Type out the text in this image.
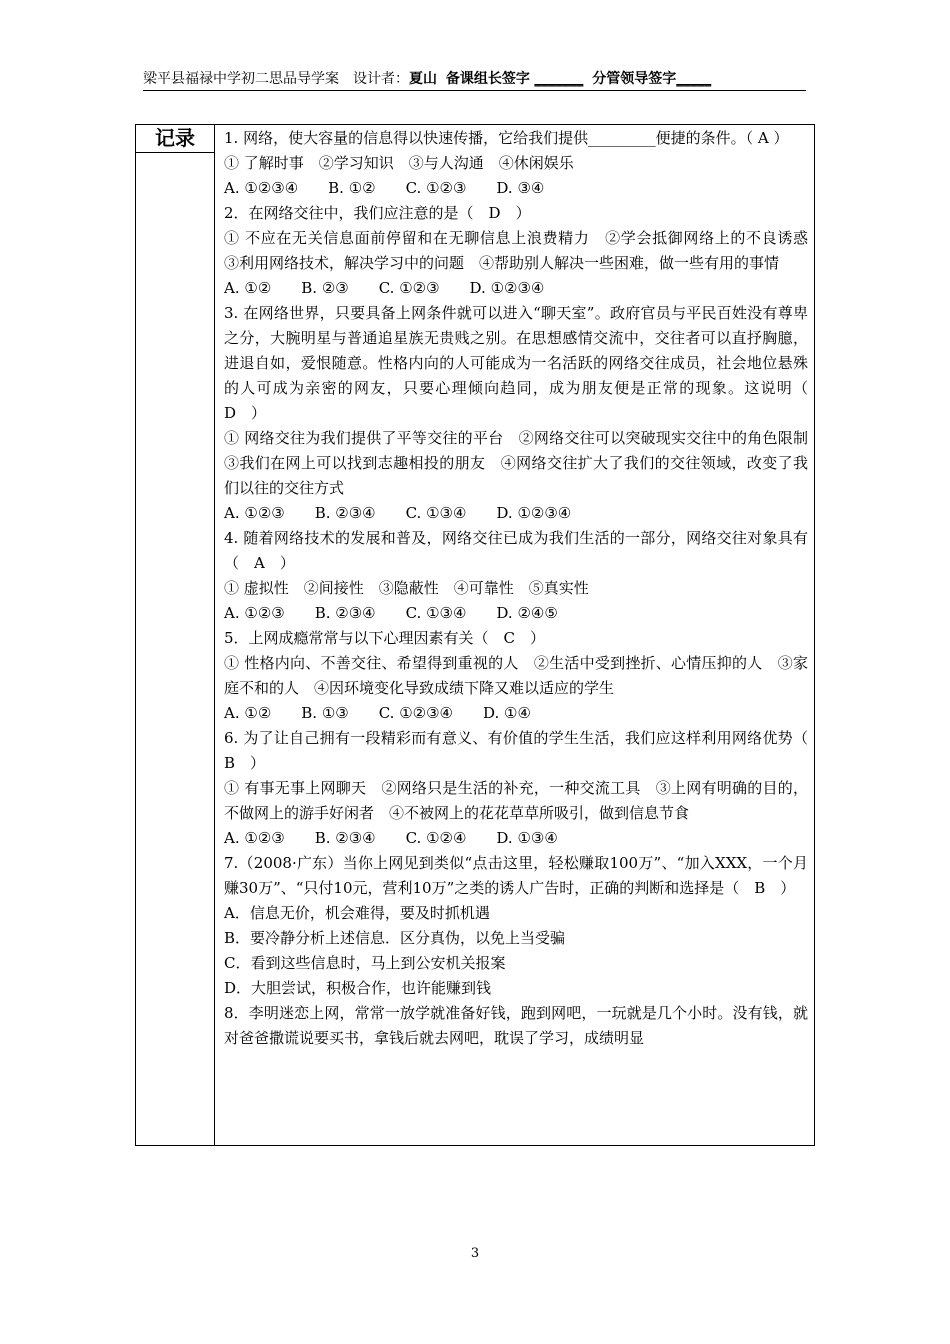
梁平县福禄中学初二思品导学案 设计者：夏山 备课组长签字 _______ 分管领导签字_____
记录	1. 网络，使大容量的信息得以快速传播，它给我们提供_________便捷的条件。（ A ）

① 了解时事　②学习知识　③与人沟通　④休闲娱乐

A. ①②③④　　B. ①②　　C. ①②③　　D. ③④

2．在网络交往中，我们应注意的是（　D　）

① 不应在无关信息面前停留和在无聊信息上浪费精力　②学会抵御网络上的不良诱惑　③利用网络技术，解决学习中的问题　④帮助别人解决一些困难，做一些有用的事情

A. ①②　　B. ②③　　C. ①②③　　D. ①②③④

3. 在网络世界，只要具备上网条件就可以进入“聊天室”。政府官员与平民百姓没有尊卑之分，大腕明星与普通追星族无贵贱之别。在思想感情交流中，交往者可以直抒胸臆，进退自如，爱恨随意。性格内向的人可能成为一名活跃的网络交往成员，社会地位悬殊的人可成为亲密的网友，只要心理倾向趋同，成为朋友便是正常的现象。这说明（　D　）

① 网络交往为我们提供了平等交往的平台　②网络交往可以突破现实交往中的角色限制　③我们在网上可以找到志趣相投的朋友　④网络交往扩大了我们的交往领域，改变了我们以往的交往方式

A. ①②③　　B. ②③④　　C. ①③④　　D. ①②③④

4. 随着网络技术的发展和普及，网络交往已成为我们生活的一部分，网络交往对象具有（　A　）

① 虚拟性　②间接性　③隐蔽性　④可靠性　⑤真实性

A. ①②③　　B. ②③④　　C. ①③④　　D. ②④⑤

5．上网成瘾常常与以下心理因素有关（　C　）

① 性格内向、不善交往、希望得到重视的人　②生活中受到挫折、心情压抑的人　③家庭不和的人　④因环境变化导致成绩下降又难以适应的学生

A. ①②　　B. ①③　　C. ①②③④　　D. ①④

6. 为了让自己拥有一段精彩而有意义、有价值的学生生活，我们应这样利用网络优势（　B　）

① 有事无事上网聊天　②网络只是生活的补充，一种交流工具　③上网有明确的目的，不做网上的游手好闲者　④不被网上的花花草草所吸引，做到信息节食

A. ①②③　　B. ②③④　　C. ①②④　　D. ①③④

7.（2008·广东）当你上网见到类似“点击这里，轻松赚取100万”、“加入XXX，一个月赚30万”、“只付10元，营利10万”之类的诱人广告时，正确的判断和选择是（　B　）

A．信息无价，机会难得，要及时抓机遇

B．要冷静分析上述信息．区分真伪，以免上当受骗

C．看到这些信息时，马上到公安机关报案

D．大胆尝试，积极合作，也许能赚到钱

8．李明迷恋上网，常常一放学就准备好钱，跑到网吧，一玩就是几个小时。没有钱，就对爸爸撒谎说要买书，拿钱后就去网吧，耽误了学习，成绩明显

3
